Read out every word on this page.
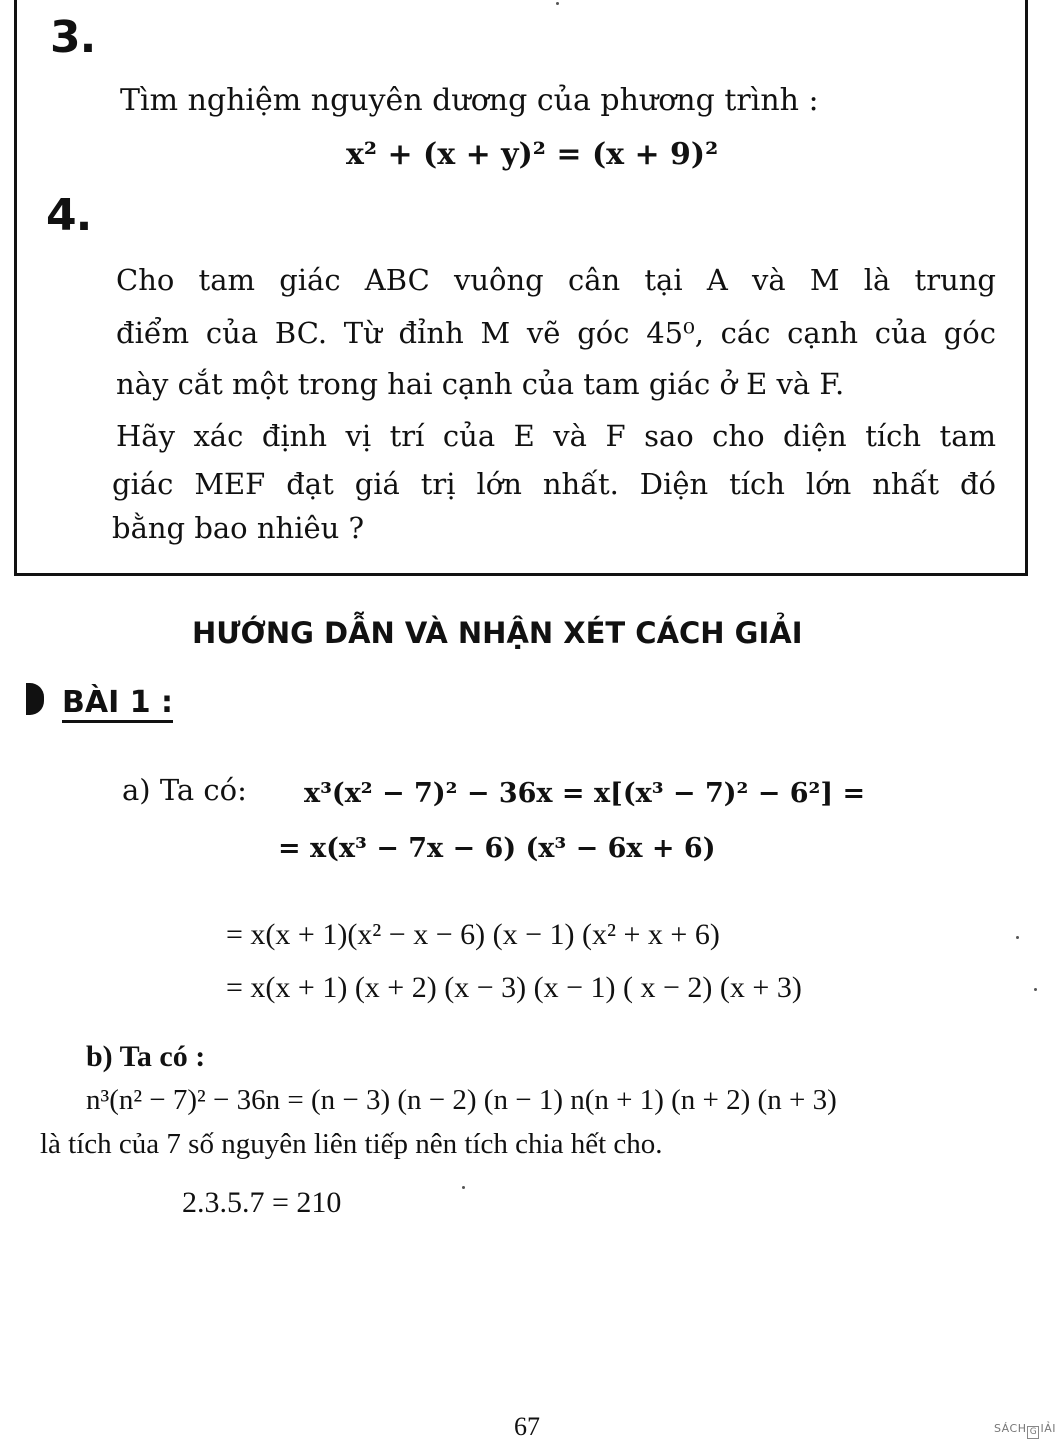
3.
Tìm nghiệm nguyên dương của phương trình :
x² + (x + y)² = (x + 9)²
4.
Cho tam giác ABC vuông cân tại A và M là trung
điểm của BC. Từ đỉnh M vẽ góc 45⁰, các cạnh của góc
này cắt một trong hai cạnh của tam giác ở E và F.
Hãy xác định vị trí của E và F sao cho diện tích tam
giác MEF đạt giá trị lớn nhất. Diện tích lớn nhất đó
bằng bao nhiêu ?
HƯỚNG DẪN VÀ NHẬN XÉT CÁCH GIẢI
BÀI 1 :
a) Ta có: x³(x² − 7)² − 36x = x[(x³ − 7)² − 6²] =
= x(x³ − 7x − 6) (x³ − 6x + 6)
= x(x + 1)(x² − x − 6) (x − 1) (x² + x + 6)
= x(x + 1) (x + 2) (x − 3) (x − 1) ( x − 2) (x + 3)
b) Ta có :
n³(n² − 7)² − 36n = (n − 3) (n − 2) (n − 1) n(n + 1) (n + 2) (n + 3)
là tích của 7 số nguyên liên tiếp nên tích chia hết cho.
2.3.5.7 = 210
67	SÁCH G IẢI
